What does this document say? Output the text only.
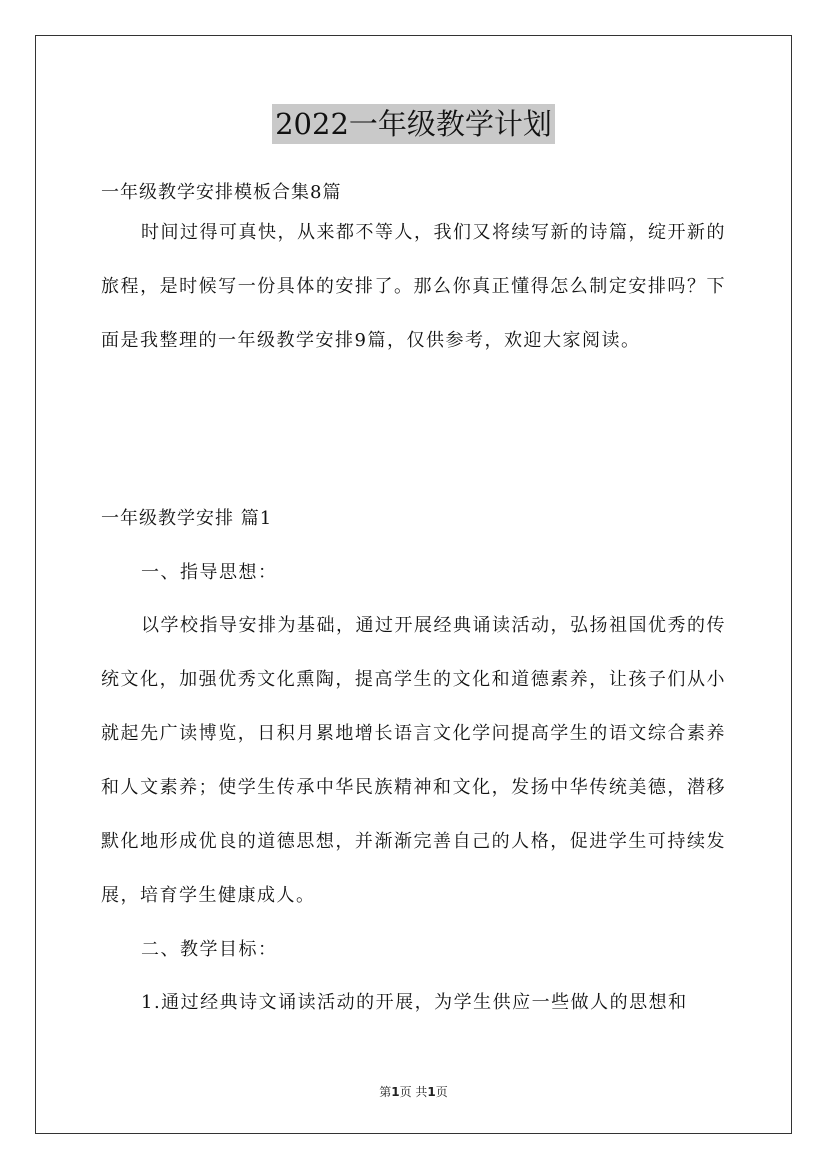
2022一年级教学计划
一年级教学安排模板合集8篇
时间过得可真快，从来都不等人，我们又将续写新的诗篇，绽开新的旅程，是时候写一份具体的安排了。那么你真正懂得怎么制定安排吗？下面是我整理的一年级教学安排9篇，仅供参考，欢迎大家阅读。
一年级教学安排 篇1
一、指导思想：
以学校指导安排为基础，通过开展经典诵读活动，弘扬祖国优秀的传统文化，加强优秀文化熏陶，提高学生的文化和道德素养，让孩子们从小就起先广读博览，日积月累地增长语言文化学问提高学生的语文综合素养和人文素养；使学生传承中华民族精神和文化，发扬中华传统美德，潜移默化地形成优良的道德思想，并渐渐完善自己的人格，促进学生可持续发展，培育学生健康成人。
二、教学目标：
1.通过经典诗文诵读活动的开展，为学生供应一些做人的思想和
第1页 共1页
